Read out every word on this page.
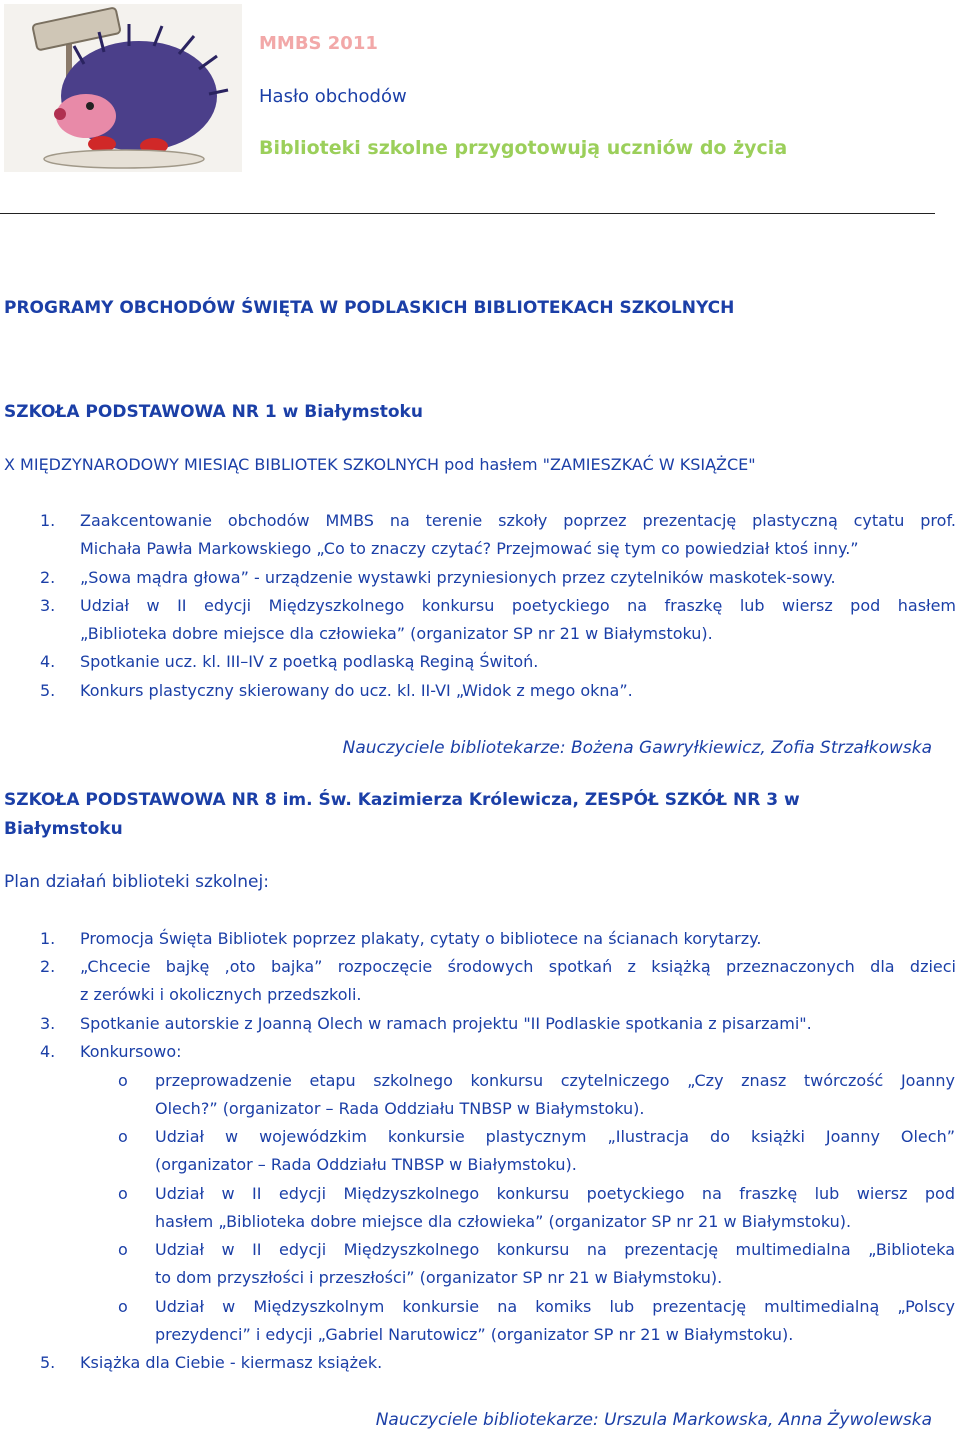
MMBS 2011
Hasło obchodów
Biblioteki szkolne przygotowują uczniów do życia
PROGRAMY OBCHODÓW ŚWIĘTA W PODLASKICH BIBLIOTEKACH SZKOLNYCH
SZKOŁA PODSTAWOWA NR 1 w Białymstoku
X MIĘDZYNARODOWY MIESIĄC BIBLIOTEK SZKOLNYCH pod hasłem "ZAMIESZKAĆ W KSIĄŻCE"
1.	Zaakcentowanie obchodów MMBS na terenie szkoły poprzez prezentację plastyczną cytatu prof.
Michała Pawła Markowskiego „Co to znaczy czytać? Przejmować się tym co powiedział ktoś inny.”
2.	„Sowa mądra głowa” - urządzenie wystawki przyniesionych przez czytelników maskotek-sowy.
3.	Udział w II edycji Międzyszkolnego konkursu poetyckiego na fraszkę lub wiersz pod hasłem
„Biblioteka dobre miejsce dla człowieka” (organizator SP nr 21 w Białymstoku).
4.	Spotkanie ucz. kl. III–IV z poetką podlaską Reginą Świtoń.
5.	Konkurs plastyczny skierowany do ucz. kl. II-VI „Widok z mego okna”.
Nauczyciele bibliotekarze: Bożena Gawryłkiewicz, Zofia Strzałkowska
SZKOŁA PODSTAWOWA NR 8 im. Św. Kazimierza Królewicza, ZESPÓŁ SZKÓŁ NR 3 w
Białymstoku
Plan działań biblioteki szkolnej:
1.	Promocja Święta Bibliotek poprzez plakaty, cytaty o bibliotece na ścianach korytarzy.
2.	„Chcecie bajkę ,oto bajka” rozpoczęcie środowych spotkań z książką przeznaczonych dla dzieci
z zerówki i okolicznych przedszkoli.
3.	Spotkanie autorskie z Joanną Olech w ramach projektu "II Podlaskie spotkania z pisarzami".
4.	Konkursowo:
o przeprowadzenie etapu szkolnego konkursu czytelniczego „Czy znasz twórczość Joanny
Olech?” (organizator – Rada Oddziału TNBSP w Białymstoku).
o Udział w wojewódzkim konkursie plastycznym „Ilustracja do książki Joanny Olech”
(organizator – Rada Oddziału TNBSP w Białymstoku).
o Udział w II edycji Międzyszkolnego konkursu poetyckiego na fraszkę lub wiersz pod
hasłem „Biblioteka dobre miejsce dla człowieka” (organizator SP nr 21 w Białymstoku).
o Udział w II edycji Międzyszkolnego konkursu na prezentację multimedialna „Biblioteka
to dom przyszłości i przeszłości” (organizator SP nr 21 w Białymstoku).
o Udział w Międzyszkolnym konkursie na komiks lub prezentację multimedialną „Polscy
prezydenci” i edycji „Gabriel Narutowicz” (organizator SP nr 21 w Białymstoku).
5.	Książka dla Ciebie - kiermasz książek.
Nauczyciele bibliotekarze: Urszula Markowska, Anna Żywolewska
